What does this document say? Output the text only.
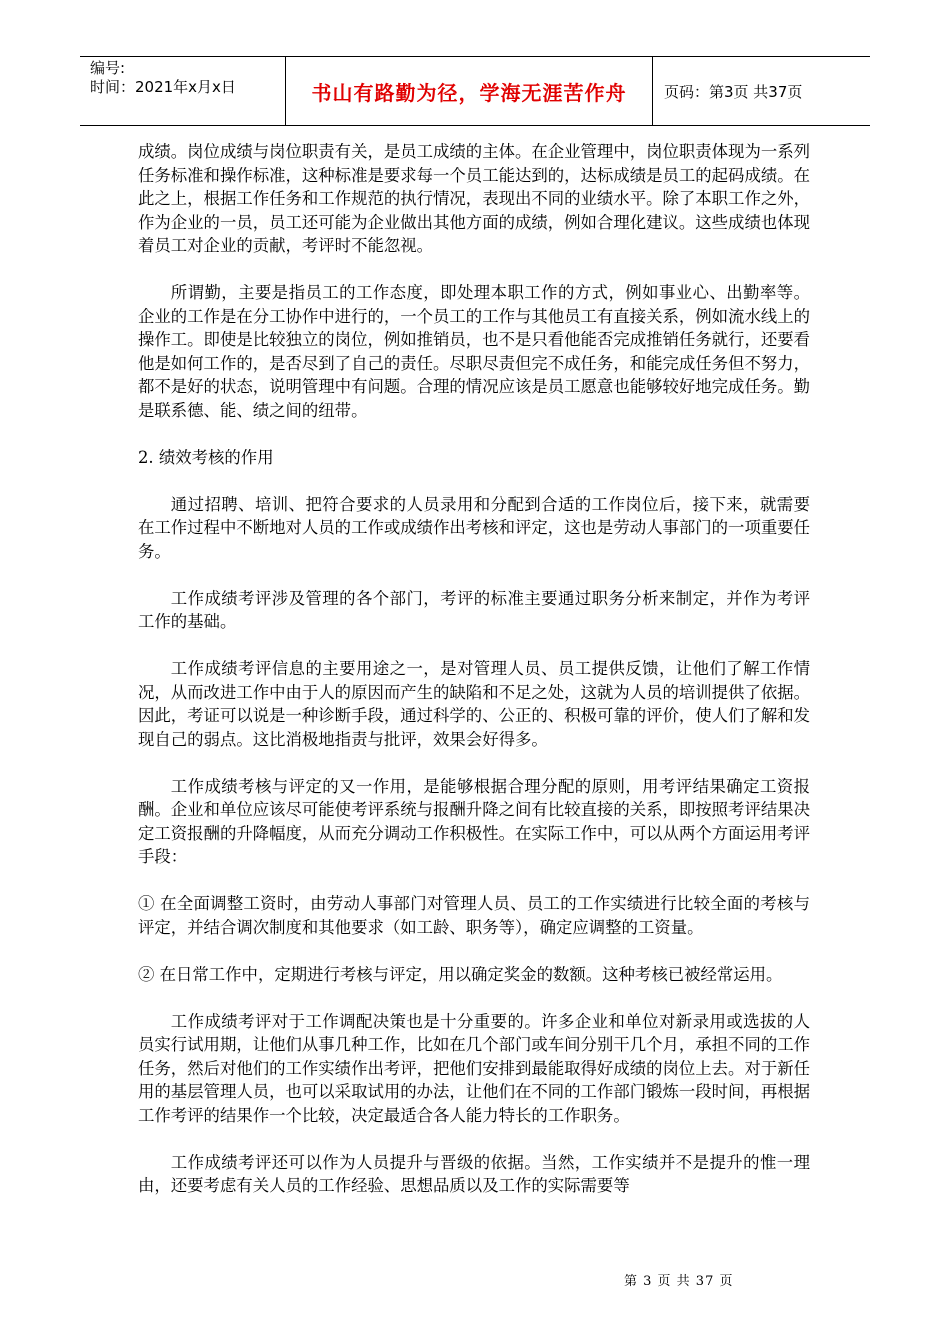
编号:
时间：2021年x月x日	书山有路勤为径，学海无涯苦作舟	页码：第3页 共37页

成绩。岗位成绩与岗位职责有关，是员工成绩的主体。在企业管理中，岗位职责体现为一系列任务标准和操作标准，这种标准是要求每一个员工能达到的，达标成绩是员工的起码成绩。在此之上，根据工作任务和工作规范的执行情况，表现出不同的业绩水平。除了本职工作之外，作为企业的一员，员工还可能为企业做出其他方面的成绩，例如合理化建议。这些成绩也体现着员工对企业的贡献，考评时不能忽视。

所谓勤，主要是指员工的工作态度，即处理本职工作的方式，例如事业心、出勤率等。企业的工作是在分工协作中进行的，一个员工的工作与其他员工有直接关系，例如流水线上的操作工。即使是比较独立的岗位，例如推销员，也不是只看他能否完成推销任务就行，还要看他是如何工作的，是否尽到了自己的责任。尽职尽责但完不成任务，和能完成任务但不努力，都不是好的状态，说明管理中有问题。合理的情况应该是员工愿意也能够较好地完成任务。勤是联系德、能、绩之间的纽带。

2. 绩效考核的作用

通过招聘、培训、把符合要求的人员录用和分配到合适的工作岗位后，接下来，就需要在工作过程中不断地对人员的工作或成绩作出考核和评定，这也是劳动人事部门的一项重要任务。

工作成绩考评涉及管理的各个部门，考评的标准主要通过职务分析来制定，并作为考评工作的基础。

工作成绩考评信息的主要用途之一，是对管理人员、员工提供反馈，让他们了解工作情况，从而改进工作中由于人的原因而产生的缺陷和不足之处，这就为人员的培训提供了依据。因此，考证可以说是一种诊断手段，通过科学的、公正的、积极可靠的评价，使人们了解和发现自己的弱点。这比消极地指责与批评，效果会好得多。

工作成绩考核与评定的又一作用，是能够根据合理分配的原则，用考评结果确定工资报酬。企业和单位应该尽可能使考评系统与报酬升降之间有比较直接的关系，即按照考评结果决定工资报酬的升降幅度，从而充分调动工作积极性。在实际工作中，可以从两个方面运用考评手段：

① 在全面调整工资时，由劳动人事部门对管理人员、员工的工作实绩进行比较全面的考核与评定，并结合调次制度和其他要求（如工龄、职务等），确定应调整的工资量。

② 在日常工作中，定期进行考核与评定，用以确定奖金的数额。这种考核已被经常运用。

工作成绩考评对于工作调配决策也是十分重要的。许多企业和单位对新录用或选拔的人员实行试用期，让他们从事几种工作，比如在几个部门或车间分别干几个月，承担不同的工作任务，然后对他们的工作实绩作出考评，把他们安排到最能取得好成绩的岗位上去。对于新任用的基层管理人员，也可以采取试用的办法，让他们在不同的工作部门锻炼一段时间，再根据工作考评的结果作一个比较，决定最适合各人能力特长的工作职务。

工作成绩考评还可以作为人员提升与晋级的依据。当然，工作实绩并不是提升的惟一理由，还要考虑有关人员的工作经验、思想品质以及工作的实际需要等

第 3 页 共 37 页
